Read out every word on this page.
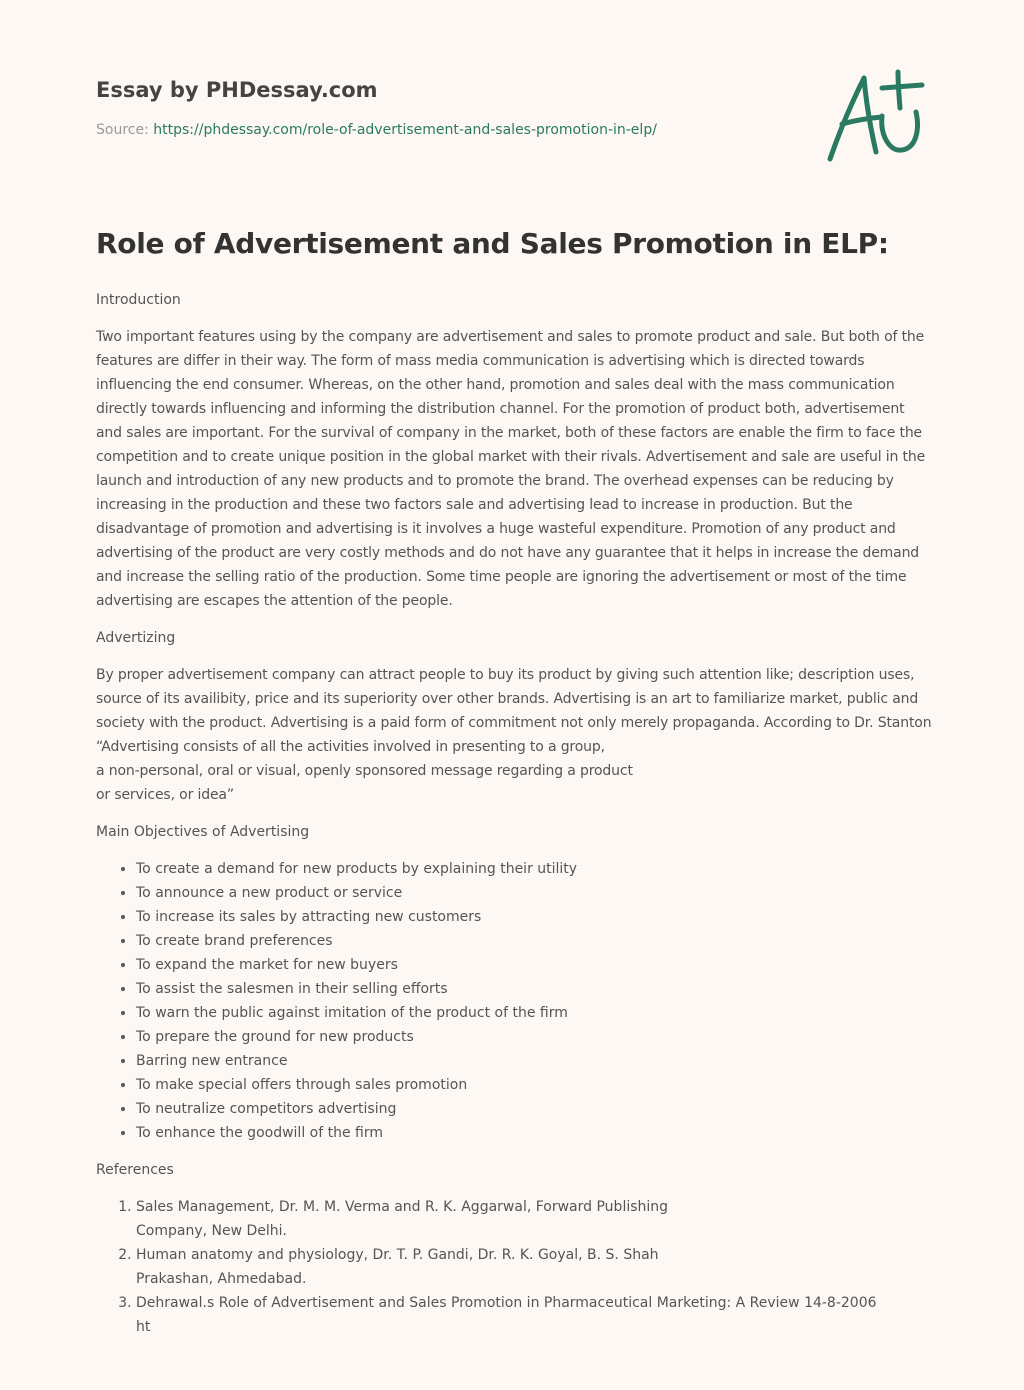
Essay by PHDessay.com
Source: https://phdessay.com/role-of-advertisement-and-sales-promotion-in-elp/
Role of Advertisement and Sales Promotion in ELP:
Introduction

Two important features using by the company are advertisement and sales to promote product and sale. But both of the features are differ in their way. The form of mass media communication is advertising which is directed towards influencing the end consumer. Whereas, on the other hand, promotion and sales deal with the mass communication directly towards influencing and informing the distribution channel. For the promotion of product both, advertisement and sales are important. For the survival of company in the market, both of these factors are enable the firm to face the competition and to create unique position in the global market with their rivals. Advertisement and sale are useful in the launch and introduction of any new products and to promote the brand. The overhead expenses can be reducing by increasing in the production and these two factors sale and advertising lead to increase in production. But the disadvantage of promotion and advertising is it involves a huge wasteful expenditure. Promotion of any product and advertising of the product are very costly methods and do not have any guarantee that it helps in increase the demand and increase the selling ratio of the production. Some time people are ignoring the advertisement or most of the time advertising are escapes the attention of the people.

Advertizing

By proper advertisement company can attract people to buy its product by giving such attention like; description uses, source of its availibity, price and its superiority over other brands. Advertising is an art to familiarize market, public and society with the product. Advertising is a paid form of commitment not only merely propaganda. According to Dr. Stanton “Advertising consists of all the activities involved in presenting to a group,
a non-personal, oral or visual, openly sponsored message regarding a product
or services, or idea”

Main Objectives of Advertising
• To create a demand for new products by explaining their utility
• To announce a new product or service
• To increase its sales by attracting new customers
• To create brand preferences
• To expand the market for new buyers
• To assist the salesmen in their selling efforts
• To warn the public against imitation of the product of the firm
• To prepare the ground for new products
• Barring new entrance
• To make special offers through sales promotion
• To neutralize competitors advertising
• To enhance the goodwill of the firm
References
1. Sales Management, Dr. M. M. Verma and R. K. Aggarwal, Forward Publishing
Company, New Delhi.
2. Human anatomy and physiology, Dr. T. P. Gandi, Dr. R. K. Goyal, B. S. Shah
Prakashan, Ahmedabad.
3. Dehrawal.s Role of Advertisement and Sales Promotion in Pharmaceutical Marketing: A Review 14-8-2006
ht
